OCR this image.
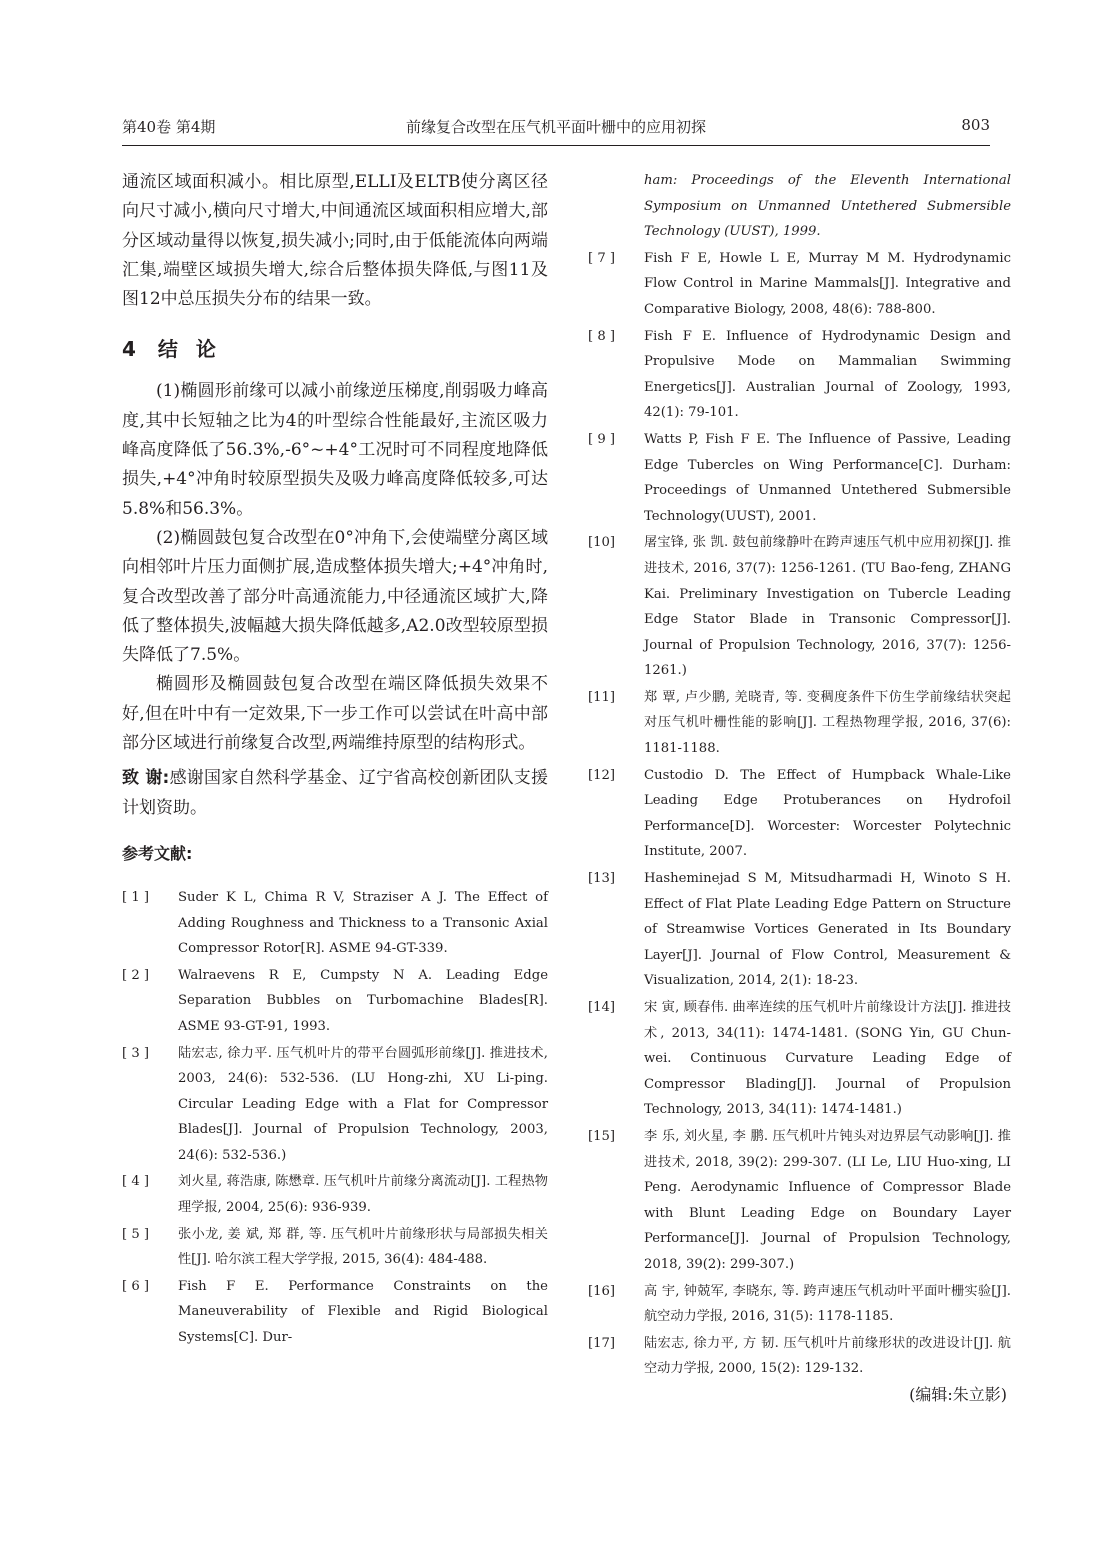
第40卷 第4期	前缘复合改型在压气机平面叶栅中的应用初探	803

通流区域面积减小。相比原型,ELLI及ELTB使分离区径向尺寸减小,横向尺寸增大,中间通流区域面积相应增大,部分区域动量得以恢复,损失减小;同时,由于低能流体向两端汇集,端壁区域损失增大,综合后整体损失降低,与图11及图12中总压损失分布的结果一致。

4 结论

(1)椭圆形前缘可以减小前缘逆压梯度,削弱吸力峰高度,其中长短轴之比为4的叶型综合性能最好,主流区吸力峰高度降低了56.3%,-6°~+4°工况时可不同程度地降低损失,+4°冲角时较原型损失及吸力峰高度降低较多,可达5.8%和56.3%。

(2)椭圆鼓包复合改型在0°冲角下,会使端壁分离区域向相邻叶片压力面侧扩展,造成整体损失增大;+4°冲角时,复合改型改善了部分叶高通流能力,中径通流区域扩大,降低了整体损失,波幅越大损失降低越多,A2.0改型较原型损失降低了7.5%。

椭圆形及椭圆鼓包复合改型在端区降低损失效果不好,但在叶中有一定效果,下一步工作可以尝试在叶高中部部分区域进行前缘复合改型,两端维持原型的结构形式。

致 谢:感谢国家自然科学基金、辽宁省高校创新团队支援计划资助。

参考文献:
[ 1 ] Suder K L, Chima R V, Straziser A J. The Effect of Adding Roughness and Thickness to a Transonic Axial Compressor Rotor[R]. ASME 94-GT-339.
[ 2 ] Walraevens R E, Cumpsty N A. Leading Edge Separation Bubbles on Turbomachine Blades[R]. ASME 93-GT-91, 1993.
[ 3 ] 陆宏志, 徐力平. 压气机叶片的带平台圆弧形前缘[J]. 推进技术, 2003, 24(6): 532-536. (LU Hong-zhi, XU Li-ping. Circular Leading Edge with a Flat for Compressor Blades[J]. Journal of Propulsion Technology, 2003, 24(6): 532-536.)
[ 4 ] 刘火星, 蒋浩康, 陈懋章. 压气机叶片前缘分离流动[J]. 工程热物理学报, 2004, 25(6): 936-939.
[ 5 ] 张小龙, 姜 斌, 郑 群, 等. 压气机叶片前缘形状与局部损失相关性[J]. 哈尔滨工程大学学报, 2015, 36(4): 484-488.
[ 6 ] Fish F E. Performance Constraints on the Maneuverability of Flexible and Rigid Biological Systems[C]. Dur-
ham: Proceedings of the Eleventh International Symposium on Unmanned Untethered Submersible Technology (UUST), 1999.
[ 7 ] Fish F E, Howle L E, Murray M M. Hydrodynamic Flow Control in Marine Mammals[J]. Integrative and Comparative Biology, 2008, 48(6): 788-800.
[ 8 ] Fish F E. Influence of Hydrodynamic Design and Propulsive Mode on Mammalian Swimming Energetics[J]. Australian Journal of Zoology, 1993, 42(1): 79-101.
[ 9 ] Watts P, Fish F E. The Influence of Passive, Leading Edge Tubercles on Wing Performance[C]. Durham: Proceedings of Unmanned Untethered Submersible Technology(UUST), 2001.
[10] 屠宝锋, 张 凯. 鼓包前缘静叶在跨声速压气机中应用初探[J]. 推进技术, 2016, 37(7): 1256-1261. (TU Bao-feng, ZHANG Kai. Preliminary Investigation on Tubercle Leading Edge Stator Blade in Transonic Compressor[J]. Journal of Propulsion Technology, 2016, 37(7): 1256-1261.)
[11] 郑 覃, 卢少鹏, 羌晓青, 等. 变稠度条件下仿生学前缘结状突起对压气机叶栅性能的影响[J]. 工程热物理学报, 2016, 37(6): 1181-1188.
[12] Custodio D. The Effect of Humpback Whale-Like Leading Edge Protuberances on Hydrofoil Performance[D]. Worcester: Worcester Polytechnic Institute, 2007.
[13] Hasheminejad S M, Mitsudharmadi H, Winoto S H. Effect of Flat Plate Leading Edge Pattern on Structure of Streamwise Vortices Generated in Its Boundary Layer[J]. Journal of Flow Control, Measurement & Visualization, 2014, 2(1): 18-23.
[14] 宋 寅, 顾春伟. 曲率连续的压气机叶片前缘设计方法[J]. 推进技术, 2013, 34(11): 1474-1481. (SONG Yin, GU Chun-wei. Continuous Curvature Leading Edge of Compressor Blading[J]. Journal of Propulsion Technology, 2013, 34(11): 1474-1481.)
[15] 李 乐, 刘火星, 李 鹏. 压气机叶片钝头对边界层气动影响[J]. 推进技术, 2018, 39(2): 299-307. (LI Le, LIU Huo-xing, LI Peng. Aerodynamic Influence of Compressor Blade with Blunt Leading Edge on Boundary Layer Performance[J]. Journal of Propulsion Technology, 2018, 39(2): 299-307.)
[16] 高 宇, 钟兢军, 李晓东, 等. 跨声速压气机动叶平面叶栅实验[J]. 航空动力学报, 2016, 31(5): 1178-1185.
[17] 陆宏志, 徐力平, 方 韧. 压气机叶片前缘形状的改进设计[J]. 航空动力学报, 2000, 15(2): 129-132.
(编辑:朱立影)
